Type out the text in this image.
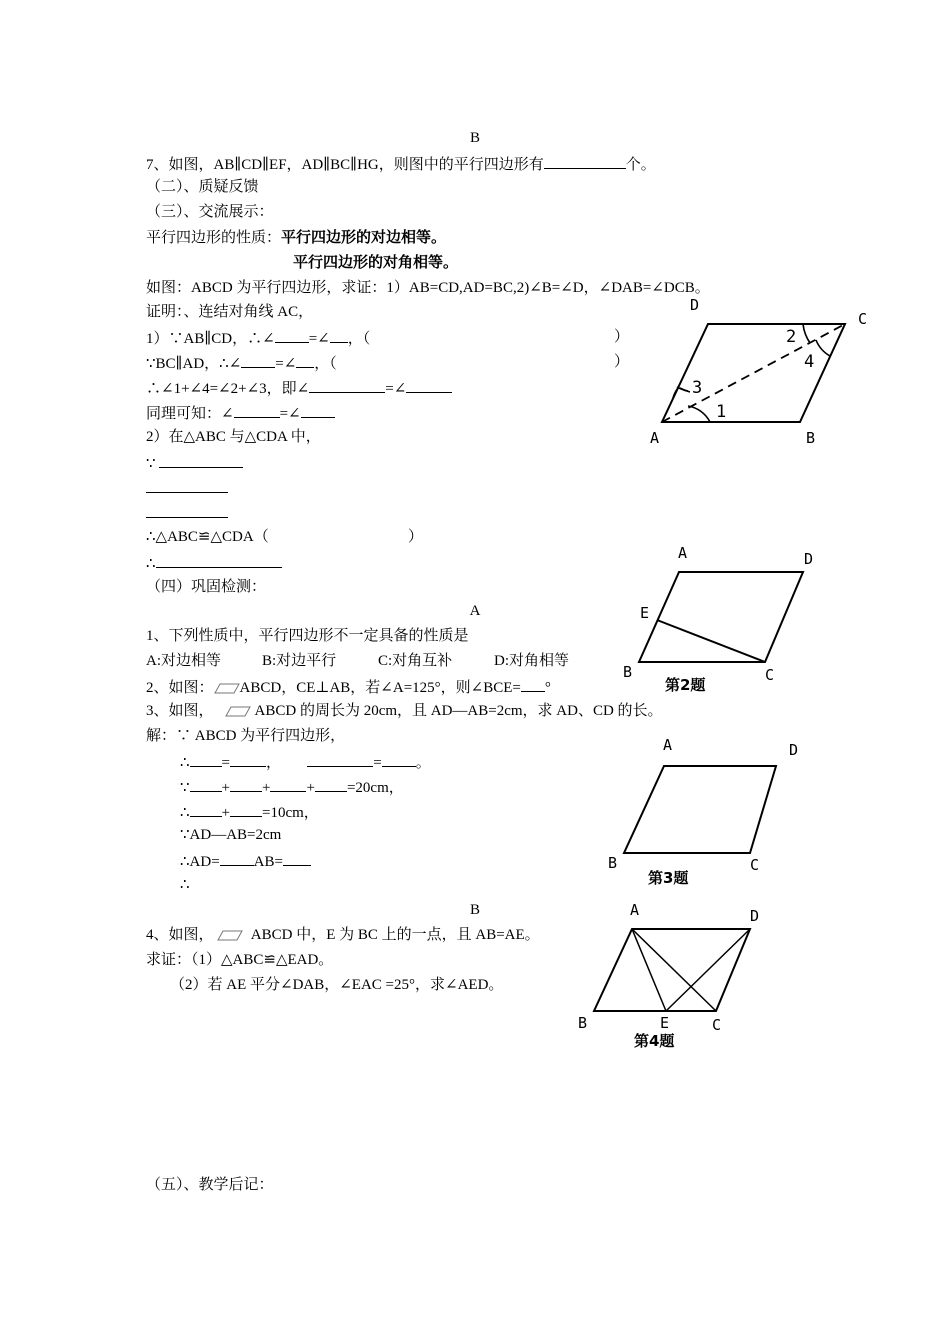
B
7、如图，AB∥CD∥EF，AD∥BC∥HG，则图中的平行四边形有	个。
（二）、质疑反馈
（三）、交流展示：
平行四边形的性质：平行四边形的对边相等。
平行四边形的对角相等。
如图：ABCD 为平行四边形，求证：1）AB=CD,AD=BC,2)∠B=∠D，∠DAB=∠DCB。
证明：、连结对角线 AC，
1）∵AB∥CD，∴∠ =∠ ，（	）
∵BC∥AD，∴∠ =∠ ，（	）
∴∠1+∠4=∠2+∠3，即∠	=∠
同理可知：∠	=∠
2）在△ABC 与△CDA 中，
∵
∴△ABC≌△CDA（	）
∴
（四）巩固检测：
A
1、下列性质中，平行四边形不一定具备的性质是
A:对边相等	B:对边平行	C:对角互补	D:对角相等
2、如图： ABCD，CE⊥AB，若∠A=125°，则∠BCE= °
3、如图，	ABCD 的周长为 20cm，且 AD—AB=2cm，求 AD、CD 的长。
解：∵ ABCD 为平行四边形，
∴ = ，	= 。
∵ + + + =20cm，
∴ + =10cm，
∵AD—AB=2cm
∴AD= AB=
∴
B
4、如图， ABCD 中，E 为 BC 上的一点，且 AB=AE。
求证：（1）△ABC≌△EAD。
（2）若 AE 平分∠DAB，∠EAC =25°，求∠AED。
（五）、教学后记：
D
C
A	B
2
4
3
1
A	D
E
B	C
第2题
A	D
B	C
第3题
A	D
B	E	C
第4题
